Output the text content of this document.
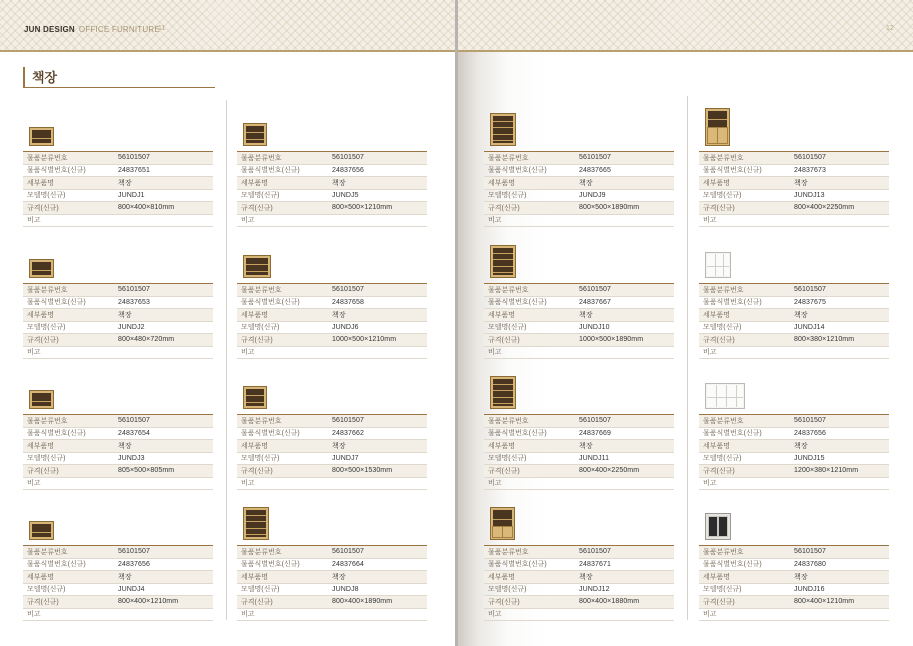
JUN DESIGN OFFICE FURNITURE
11
책장
12
물품분류번호	56101507
물품식별번호(신규)	24837651
세부품명	책장
모델명(신규)	JUNDJ1
규격(신규)	800×400×810mm
비고
물품분류번호	56101507
물품식별번호(신규)	24837656
세부품명	책장
모델명(신규)	JUNDJ5
규격(신규)	800×500×1210mm
비고
물품분류번호	56101507
물품식별번호(신규)	24837665
세부품명	책장
모델명(신규)	JUNDJ9
규격(신규)	800×500×1890mm
비고
물품분류번호	56101507
물품식별번호(신규)	24837673
세부품명	책장
모델명(신규)	JUNDJ13
규격(신규)	800×400×2250mm
비고
물품분류번호	56101507
물품식별번호(신규)	24837653
세부품명	책장
모델명(신규)	JUNDJ2
규격(신규)	800×480×720mm
비고
물품분류번호	56101507
물품식별번호(신규)	24837658
세부품명	책장
모델명(신규)	JUNDJ6
규격(신규)	1000×500×1210mm
비고
물품분류번호	56101507
물품식별번호(신규)	24837667
세부품명	책장
모델명(신규)	JUNDJ10
규격(신규)	1000×500×1890mm
비고
물품분류번호	56101507
물품식별번호(신규)	24837675
세부품명	책장
모델명(신규)	JUNDJ14
규격(신규)	800×380×1210mm
비고
물품분류번호	56101507
물품식별번호(신규)	24837654
세부품명	책장
모델명(신규)	JUNDJ3
규격(신규)	805×500×805mm
비고
물품분류번호	56101507
물품식별번호(신규)	24837662
세부품명	책장
모델명(신규)	JUNDJ7
규격(신규)	800×500×1530mm
비고
물품분류번호	56101507
물품식별번호(신규)	24837669
세부품명	책장
모델명(신규)	JUNDJ11
규격(신규)	800×400×2250mm
비고
물품분류번호	56101507
물품식별번호(신규)	24837656
세부품명	책장
모델명(신규)	JUNDJ15
규격(신규)	1200×380×1210mm
비고
물품분류번호	56101507
물품식별번호(신규)	24837656
세부품명	책장
모델명(신규)	JUNDJ4
규격(신규)	800×400×1210mm
비고
물품분류번호	56101507
물품식별번호(신규)	24837664
세부품명	책장
모델명(신규)	JUNDJ8
규격(신규)	800×400×1890mm
비고
물품분류번호	56101507
물품식별번호(신규)	24837671
세부품명	책장
모델명(신규)	JUNDJ12
규격(신규)	800×400×1880mm
비고
물품분류번호	56101507
물품식별번호(신규)	24837680
세부품명	책장
모델명(신규)	JUNDJ16
규격(신규)	800×400×1210mm
비고
